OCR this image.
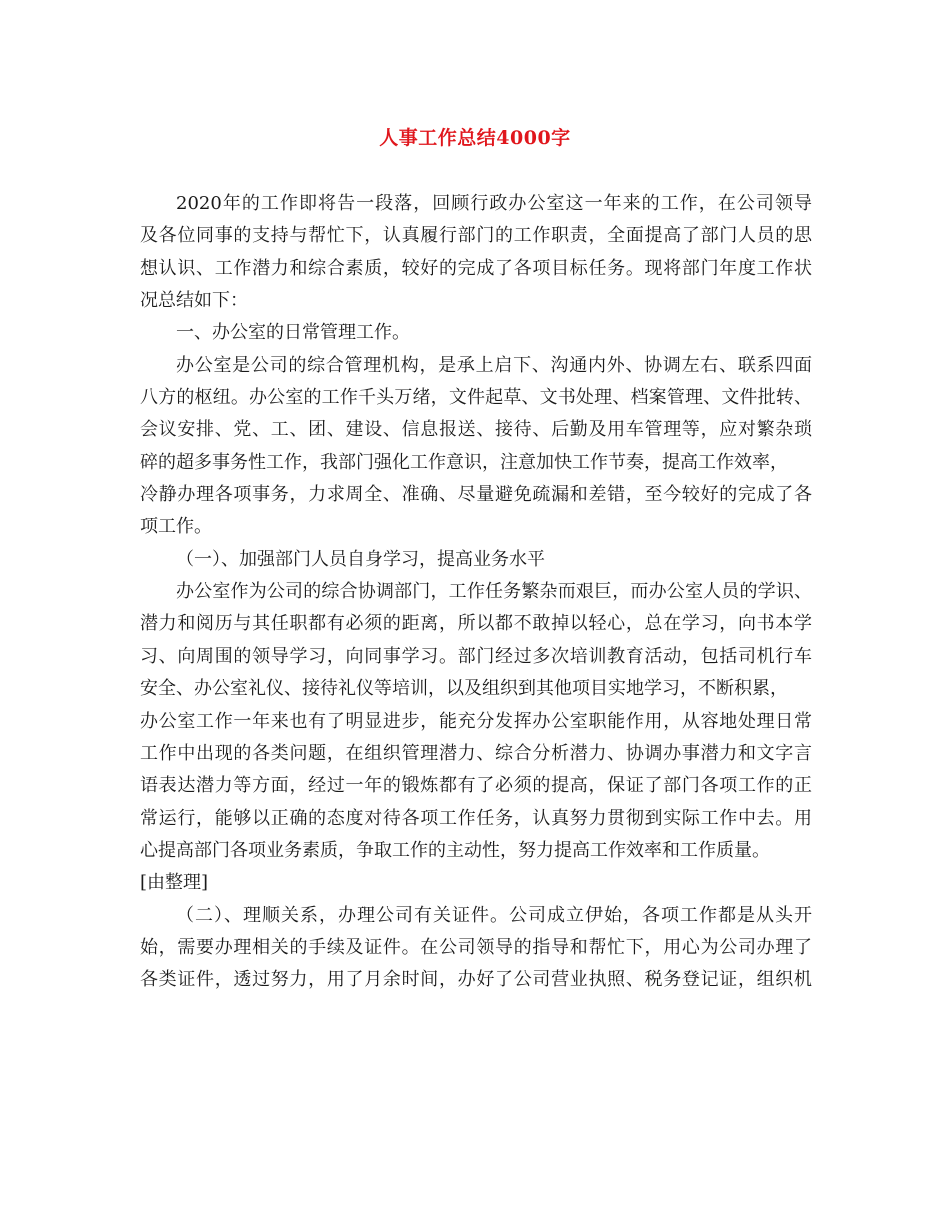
人事工作总结4000字
2020年的工作即将告一段落，回顾行政办公室这一年来的工作，在公司领导
及各位同事的支持与帮忙下，认真履行部门的工作职责，全面提高了部门人员的思
想认识、工作潜力和综合素质，较好的完成了各项目标任务。现将部门年度工作状
况总结如下：
一、办公室的日常管理工作。
办公室是公司的综合管理机构，是承上启下、沟通内外、协调左右、联系四面
八方的枢纽。办公室的工作千头万绪，文件起草、文书处理、档案管理、文件批转、
会议安排、党、工、团、建设、信息报送、接待、后勤及用车管理等，应对繁杂琐
碎的超多事务性工作，我部门强化工作意识，注意加快工作节奏，提高工作效率，
冷静办理各项事务，力求周全、准确、尽量避免疏漏和差错，至今较好的完成了各
项工作。
（一）、加强部门人员自身学习，提高业务水平
办公室作为公司的综合协调部门，工作任务繁杂而艰巨，而办公室人员的学识、
潜力和阅历与其任职都有必须的距离，所以都不敢掉以轻心，总在学习，向书本学
习、向周围的领导学习，向同事学习。部门经过多次培训教育活动，包括司机行车
安全、办公室礼仪、接待礼仪等培训，以及组织到其他项目实地学习，不断积累，
办公室工作一年来也有了明显进步，能充分发挥办公室职能作用，从容地处理日常
工作中出现的各类问题，在组织管理潜力、综合分析潜力、协调办事潜力和文字言
语表达潜力等方面，经过一年的锻炼都有了必须的提高，保证了部门各项工作的正
常运行，能够以正确的态度对待各项工作任务，认真努力贯彻到实际工作中去。用
心提高部门各项业务素质，争取工作的主动性，努力提高工作效率和工作质量。
[由整理]
（二）、理顺关系，办理公司有关证件。公司成立伊始，各项工作都是从头开
始，需要办理相关的手续及证件。在公司领导的指导和帮忙下，用心为公司办理了
各类证件，透过努力，用了月余时间，办好了公司营业执照、税务登记证，组织机
